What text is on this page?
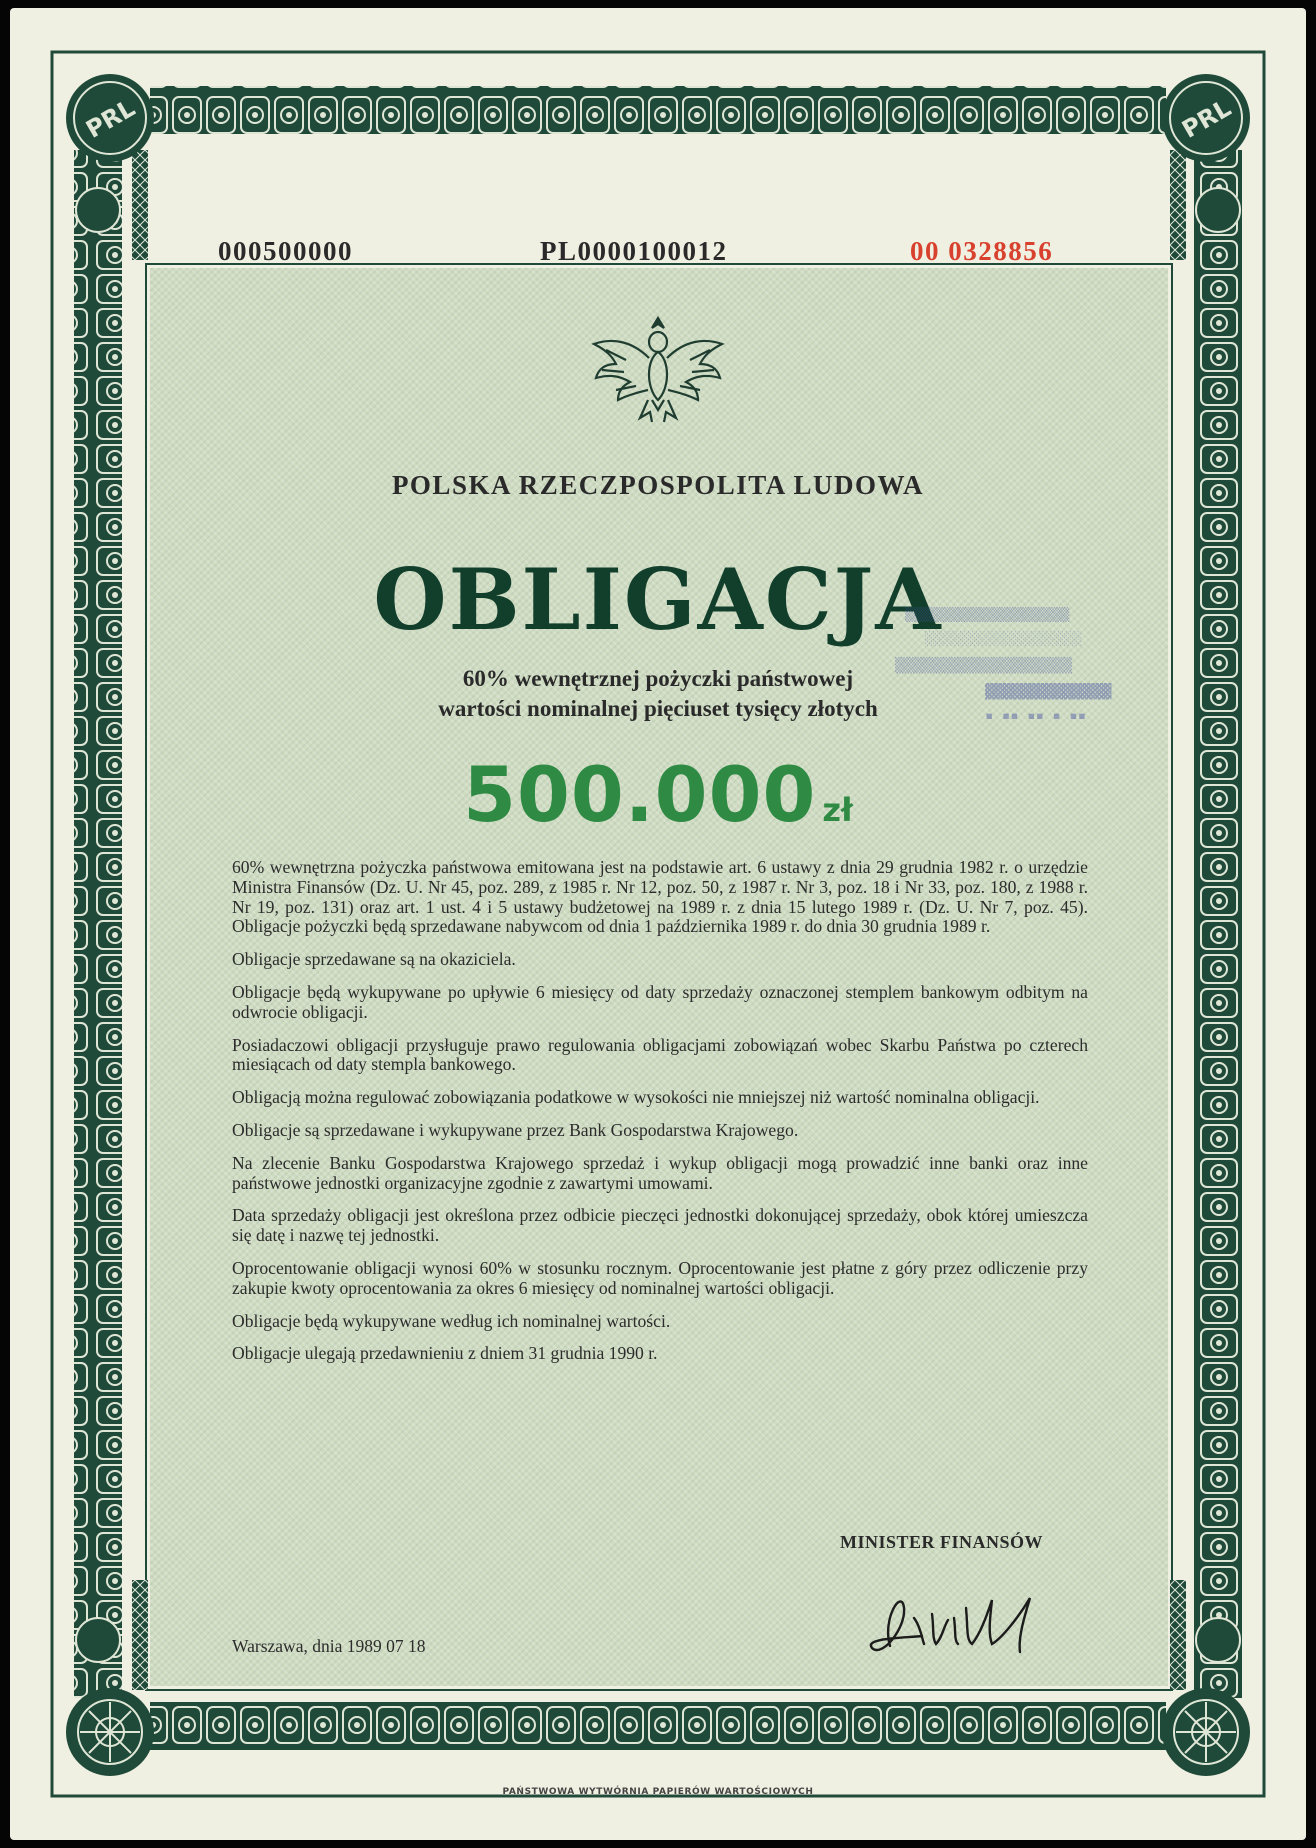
PRL	PRL
000500000	PL0000100012	00 0328856
POLSKA RZECZPOSPOLITA LUDOWA
OBLIGACJA
60% wewnętrznej pożyczki państwowej
wartości nominalnej pięciuset tysięcy złotych
▒▒▒▒▒▒▒▒▒▒▒▒▒▒▒▒▒▒▒▒▒
░░░░░░░░░░░░░░░░░░░░
▒▒▒▒▒▒▒▒▒▒▒▒▒▒▒▒▒▒▒▒▒
▓▓▓▓▓▓▓▓▓▓▓▓▓▓▓
▪ ▪▪ ▪▪ ▪ ▪▪
500.000 zł

60% wewnętrzna pożyczka państwowa emitowana jest na podstawie art. 6 ustawy z dnia 29 grudnia 1982 r. o urzędzie Ministra Finansów (Dz. U. Nr 45, poz. 289, z 1985 r. Nr 12, poz. 50, z 1987 r. Nr 3, poz. 18 i Nr 33, poz. 180, z 1988 r. Nr 19, poz. 131) oraz art. 1 ust. 4 i 5 ustawy budżetowej na 1989 r. z dnia 15 lutego 1989 r. (Dz. U. Nr 7, poz. 45). Obligacje pożyczki będą sprzedawane nabywcom od dnia 1 października 1989 r. do dnia 30 grudnia 1989 r.

Obligacje sprzedawane są na okaziciela.

Obligacje będą wykupywane po upływie 6 miesięcy od daty sprzedaży oznaczonej stemplem bankowym odbitym na odwrocie obligacji.

Posiadaczowi obligacji przysługuje prawo regulowania obligacjami zobowiązań wobec Skarbu Państwa po czterech miesiącach od daty stempla bankowego.

Obligacją można regulować zobowiązania podatkowe w wysokości nie mniejszej niż wartość nominalna obligacji.

Obligacje są sprzedawane i wykupywane przez Bank Gospodarstwa Krajowego.

Na zlecenie Banku Gospodarstwa Krajowego sprzedaż i wykup obligacji mogą prowadzić inne banki oraz inne państwowe jednostki organizacyjne zgodnie z zawartymi umowami.

Data sprzedaży obligacji jest określona przez odbicie pieczęci jednostki dokonującej sprzedaży, obok której umieszcza się datę i nazwę tej jednostki.

Oprocentowanie obligacji wynosi 60% w stosunku rocznym. Oprocentowanie jest płatne z góry przez odliczenie przy zakupie kwoty oprocentowania za okres 6 miesięcy od nominalnej wartości obligacji.

Obligacje będą wykupywane według ich nominalnej wartości.

Obligacje ulegają przedawnieniu z dniem 31 grudnia 1990 r.

MINISTER FINANSÓW
Warszawa, dnia 1989 07 18
PAŃSTWOWA WYTWÓRNIA PAPIERÓW WARTOŚCIOWYCH
